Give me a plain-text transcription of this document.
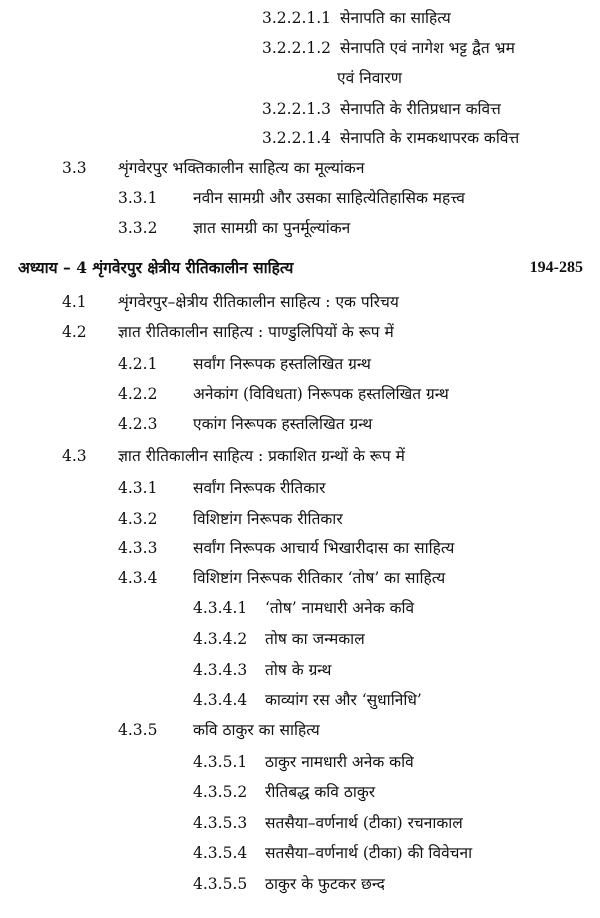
3.2.2.1.1 सेनापति का साहित्य
3.2.2.1.2 सेनापति एवं नागेश भट्ट द्वैत भ्रम
एवं निवारण
3.2.2.1.3 सेनापति के रीतिप्रधान कवित्त
3.2.2.1.4 सेनापति के रामकथापरक कवित्त
3.3 शृंगवेरपुर भक्तिकालीन साहित्य का मूल्यांकन
3.3.1 नवीन सामग्री और उसका साहित्येतिहासिक महत्त्व
3.3.2 ज्ञात सामग्री का पुनर्मूल्यांकन
अध्याय – 4 शृंगवेरपुर क्षेत्रीय रीतिकालीन साहित्य	194-285
4.1 शृंगवेरपुर–क्षेत्रीय रीतिकालीन साहित्य : एक परिचय
4.2 ज्ञात रीतिकालीन साहित्य : पाण्डुलिपियों के रूप में
4.2.1 सर्वांग निरूपक हस्तलिखित ग्रन्थ
4.2.2 अनेकांग (विविधता) निरूपक हस्तलिखित ग्रन्थ
4.2.3 एकांग निरूपक हस्तलिखित ग्रन्थ
4.3 ज्ञात रीतिकालीन साहित्य : प्रकाशित ग्रन्थों के रूप में
4.3.1 सर्वांग निरूपक रीतिकार
4.3.2 विशिष्टांग निरूपक रीतिकार
4.3.3 सर्वांग निरूपक आचार्य भिखारीदास का साहित्य
4.3.4 विशिष्टांग निरूपक रीतिकार ‘तोष’ का साहित्य
4.3.4.1 ‘तोष’ नामधारी अनेक कवि
4.3.4.2 तोष का जन्मकाल
4.3.4.3 तोष के ग्रन्थ
4.3.4.4 काव्यांग रस और ‘सुधानिधि’
4.3.5 कवि ठाकुर का साहित्य
4.3.5.1 ठाकुर नामधारी अनेक कवि
4.3.5.2 रीतिबद्ध कवि ठाकुर
4.3.5.3 सतसैया–वर्णनार्थ (टीका) रचनाकाल
4.3.5.4 सतसैया–वर्णनार्थ (टीका) की विवेचना
4.3.5.5 ठाकुर के फुटकर छन्द
